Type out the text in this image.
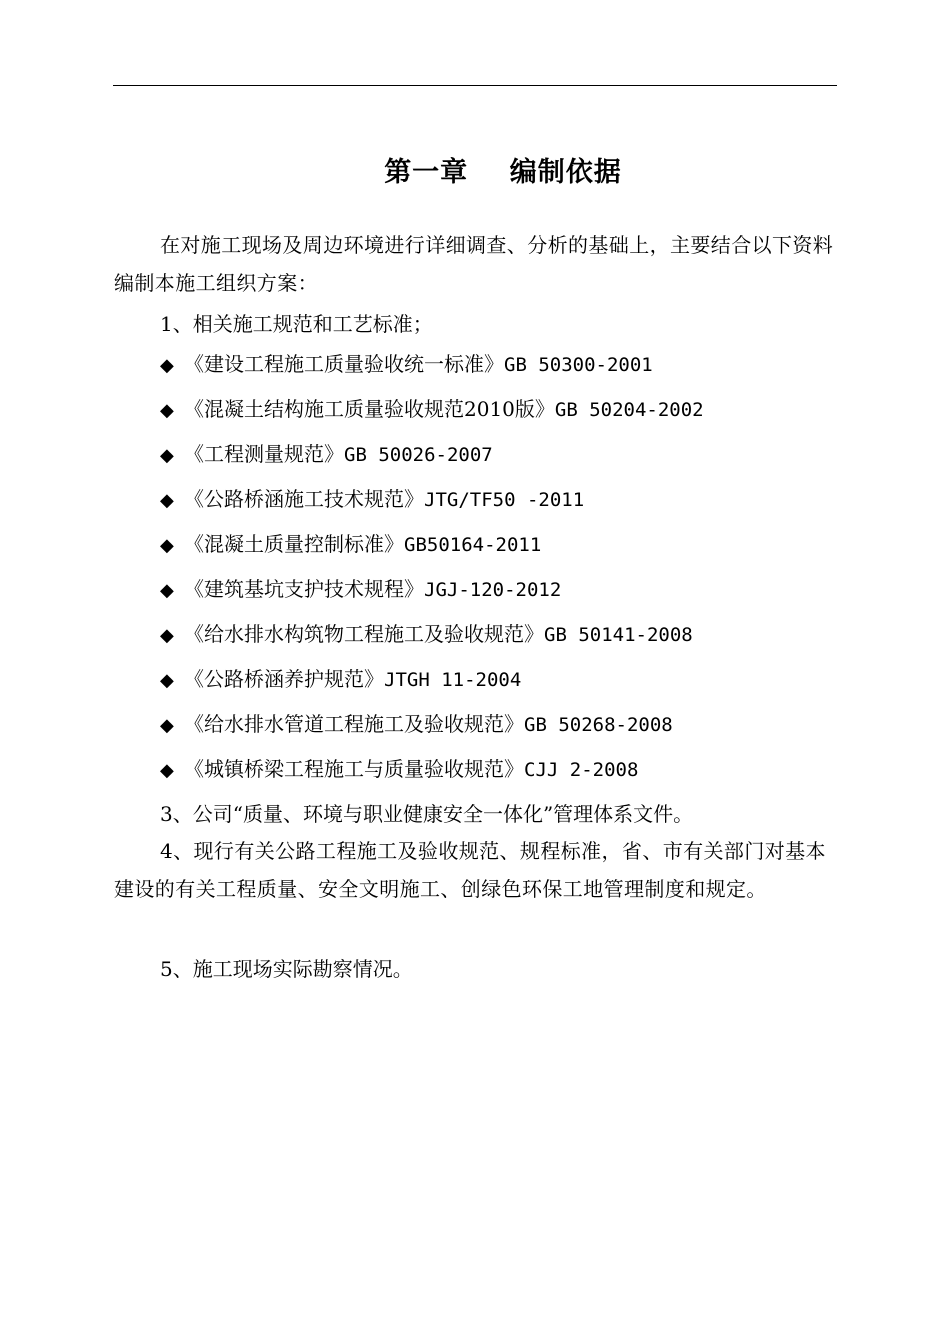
第一章    编制依据
在对施工现场及周边环境进行详细调查、分析的基础上，主要结合以下资料编制本施工组织方案：
1、相关施工规范和工艺标准；
◆ 《建设工程施工质量验收统一标准》GB 50300-2001
◆ 《混凝土结构施工质量验收规范2010版》GB 50204-2002
◆ 《工程测量规范》GB 50026-2007
◆ 《公路桥涵施工技术规范》JTG/TF50 -2011
◆ 《混凝土质量控制标准》GB50164-2011
◆ 《建筑基坑支护技术规程》JGJ-120-2012
◆ 《给水排水构筑物工程施工及验收规范》GB 50141-2008
◆ 《公路桥涵养护规范》JTGH 11-2004
◆ 《给水排水管道工程施工及验收规范》GB 50268-2008
◆ 《城镇桥梁工程施工与质量验收规范》CJJ 2-2008
3、公司“质量、环境与职业健康安全一体化”管理体系文件。
4、现行有关公路工程施工及验收规范、规程标准，省、市有关部门对基本建设的有关工程质量、安全文明施工、创绿色环保工地管理制度和规定。
5、施工现场实际勘察情况。
